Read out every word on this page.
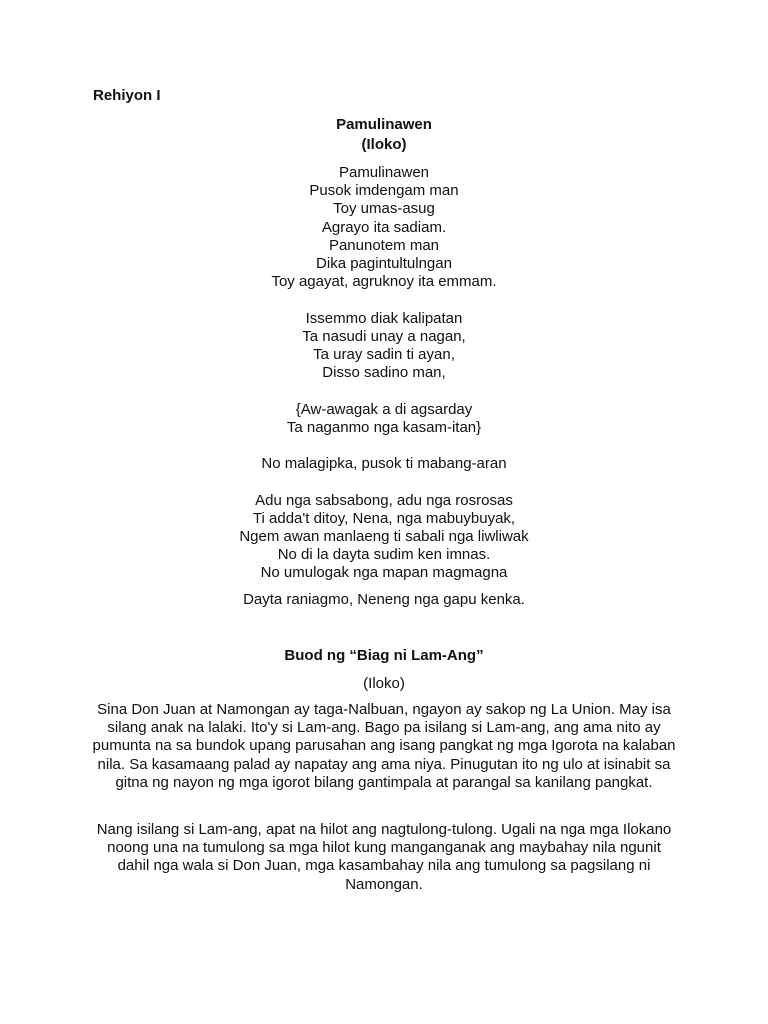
Rehiyon I
Pamulinawen
(Iloko)
Pamulinawen
Pusok imdengam man
Toy umas-asug
Agrayo ita sadiam.
Panunotem man
Dika pagintultulngan
Toy agayat, agruknoy ita emmam.
Issemmo diak kalipatan
Ta nasudi unay a nagan,
Ta uray sadin ti ayan,
Disso sadino man,
{Aw-awagak a di agsarday
Ta naganmo nga kasam-itan}
No malagipka, pusok ti mabang-aran
Adu nga sabsabong, adu nga rosrosas
Ti adda't ditoy, Nena, nga mabuybuyak,
Ngem awan manlaeng ti sabali nga liwliwak
No di la dayta sudim ken imnas.
No umulogak nga mapan magmagna
Dayta raniagmo, Neneng nga gapu kenka.
Buod ng “Biag ni Lam-Ang”
(Iloko)

Sina Don Juan at Namongan ay taga-Nalbuan, ngayon ay sakop ng La Union. May isa silang anak na lalaki. Ito'y si Lam-ang. Bago pa isilang si Lam-ang, ang ama nito ay pumunta na sa bundok upang parusahan ang isang pangkat ng mga Igorota na kalaban nila. Sa kasamaang palad ay napatay ang ama niya. Pinugutan ito ng ulo at isinabit sa gitna ng nayon ng mga igorot bilang gantimpala at parangal sa kanilang pangkat.

Nang isilang si Lam-ang, apat na hilot ang nagtulong-tulong. Ugali na nga mga Ilokano noong una na tumulong sa mga hilot kung manganganak ang maybahay nila ngunit dahil nga wala si Don Juan, mga kasambahay nila ang tumulong sa pagsilang ni Namongan.
